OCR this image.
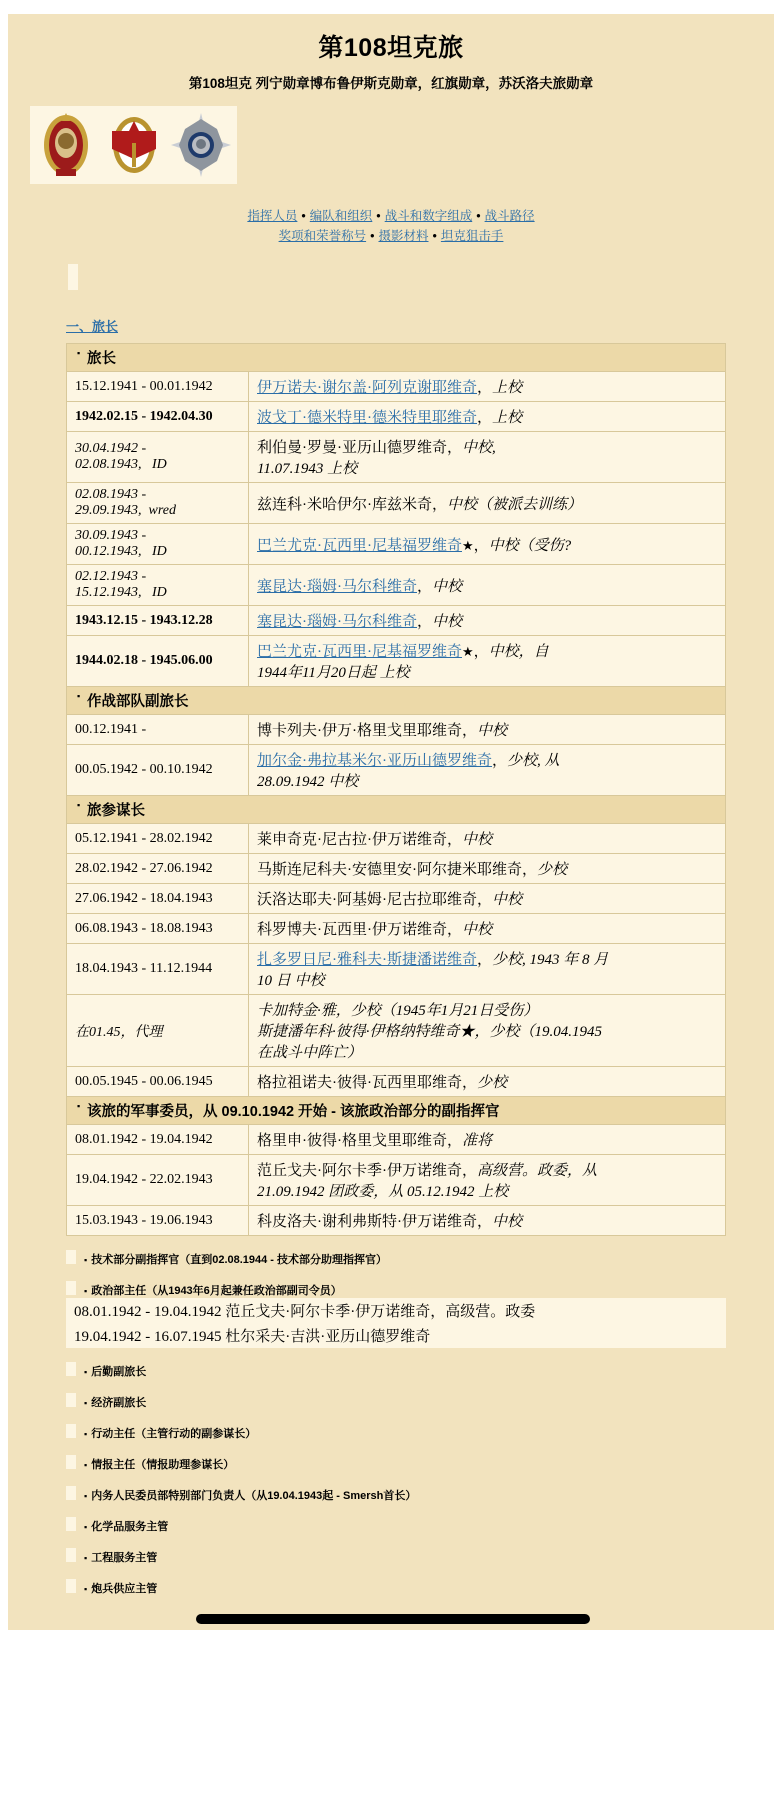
第108坦克旅
第108坦克 列宁勋章博布鲁伊斯克勋章，红旗勋章，苏沃洛夫旅勋章
指挥人员 • 编队和组织 • 战斗和数字组成 • 战斗路径
奖项和荣誉称号 • 摄影材料 • 坦克狙击手
一、旅长
▪ 旅长	
15.12.1941 - 00.01.1942	伊万诺夫·谢尔盖·阿列克谢耶维奇，上校
1942.02.15 - 1942.04.30	波戈丁·德米特里·德米特里耶维奇，上校
30.04.1942 - 02.08.1943, ID	利伯曼·罗曼·亚历山德罗维奇，中校,
11.07.1943 上校
02.08.1943 - 29.09.1943, wred	兹连科·米哈伊尔·库兹米奇，中校（被派去训练）
30.09.1943 - 00.12.1943, ID	巴兰尤克·瓦西里·尼基福罗维奇★，中校（受伤?
02.12.1943 - 15.12.1943, ID	塞昆达·瑙姆·马尔科维奇，中校
1943.12.15 - 1943.12.28	塞昆达·瑙姆·马尔科维奇，中校
1944.02.18 - 1945.06.00	巴兰尤克·瓦西里·尼基福罗维奇★，中校，自
1944年11月20日起 上校

▪ 作战部队副旅长	
00.12.1941 -	博卡列夫·伊万·格里戈里耶维奇，中校
00.05.1942 - 00.10.1942	加尔金·弗拉基米尔·亚历山德罗维奇，少校, 从
28.09.1942 中校

▪ 旅参谋长	
05.12.1941 - 28.02.1942	莱申奇克·尼古拉·伊万诺维奇，中校
28.02.1942 - 27.06.1942	马斯连尼科夫·安德里安·阿尔捷米耶维奇，少校
27.06.1942 - 18.04.1943	沃洛达耶夫·阿基姆·尼古拉耶维奇，中校
06.08.1943 - 18.08.1943	科罗博夫·瓦西里·伊万诺维奇，中校
18.04.1943 - 11.12.1944	扎多罗日尼·雅科夫·斯捷潘诺维奇，少校, 1943 年 8 月
10 日 中校
在01.45，代理	卡加特金·雅，少校（1945年1月21日受伤）
斯捷潘年科·彼得·伊格纳特维奇★，少校（19.04.1945
在战斗中阵亡）
00.05.1945 - 00.06.1945	格拉祖诺夫·彼得·瓦西里耶维奇，少校

▪ 该旅的军事委员，从 09.10.1942 开始 - 该旅政治部分的副指挥官	
08.01.1942 - 19.04.1942	格里申·彼得·格里戈里耶维奇，准将
19.04.1942 - 22.02.1943	范丘戈夫·阿尔卡季·伊万诺维奇，高级营。政委，从
21.09.1942 团政委，从 05.12.1942 上校
15.03.1943 - 19.06.1943	科皮洛夫·谢利弗斯特·伊万诺维奇，中校
▪ 技术部分副指挥官（直到02.08.1944 - 技术部分助理指挥官）
▪ 政治部主任（从1943年6月起兼任政治部副司令员）
08.01.1942 - 19.04.1942 范丘戈夫·阿尔卡季·伊万诺维奇，高级营。政委
19.04.1942 - 16.07.1945 杜尔采夫·吉洪·亚历山德罗维奇
▪ 后勤副旅长
▪ 经济副旅长
▪ 行动主任（主管行动的副参谋长）
▪ 情报主任（情报助理参谋长）
▪ 内务人民委员部特别部门负责人（从19.04.1943起 - Smersh首长）
▪ 化学品服务主管
▪ 工程服务主管
▪ 炮兵供应主管
